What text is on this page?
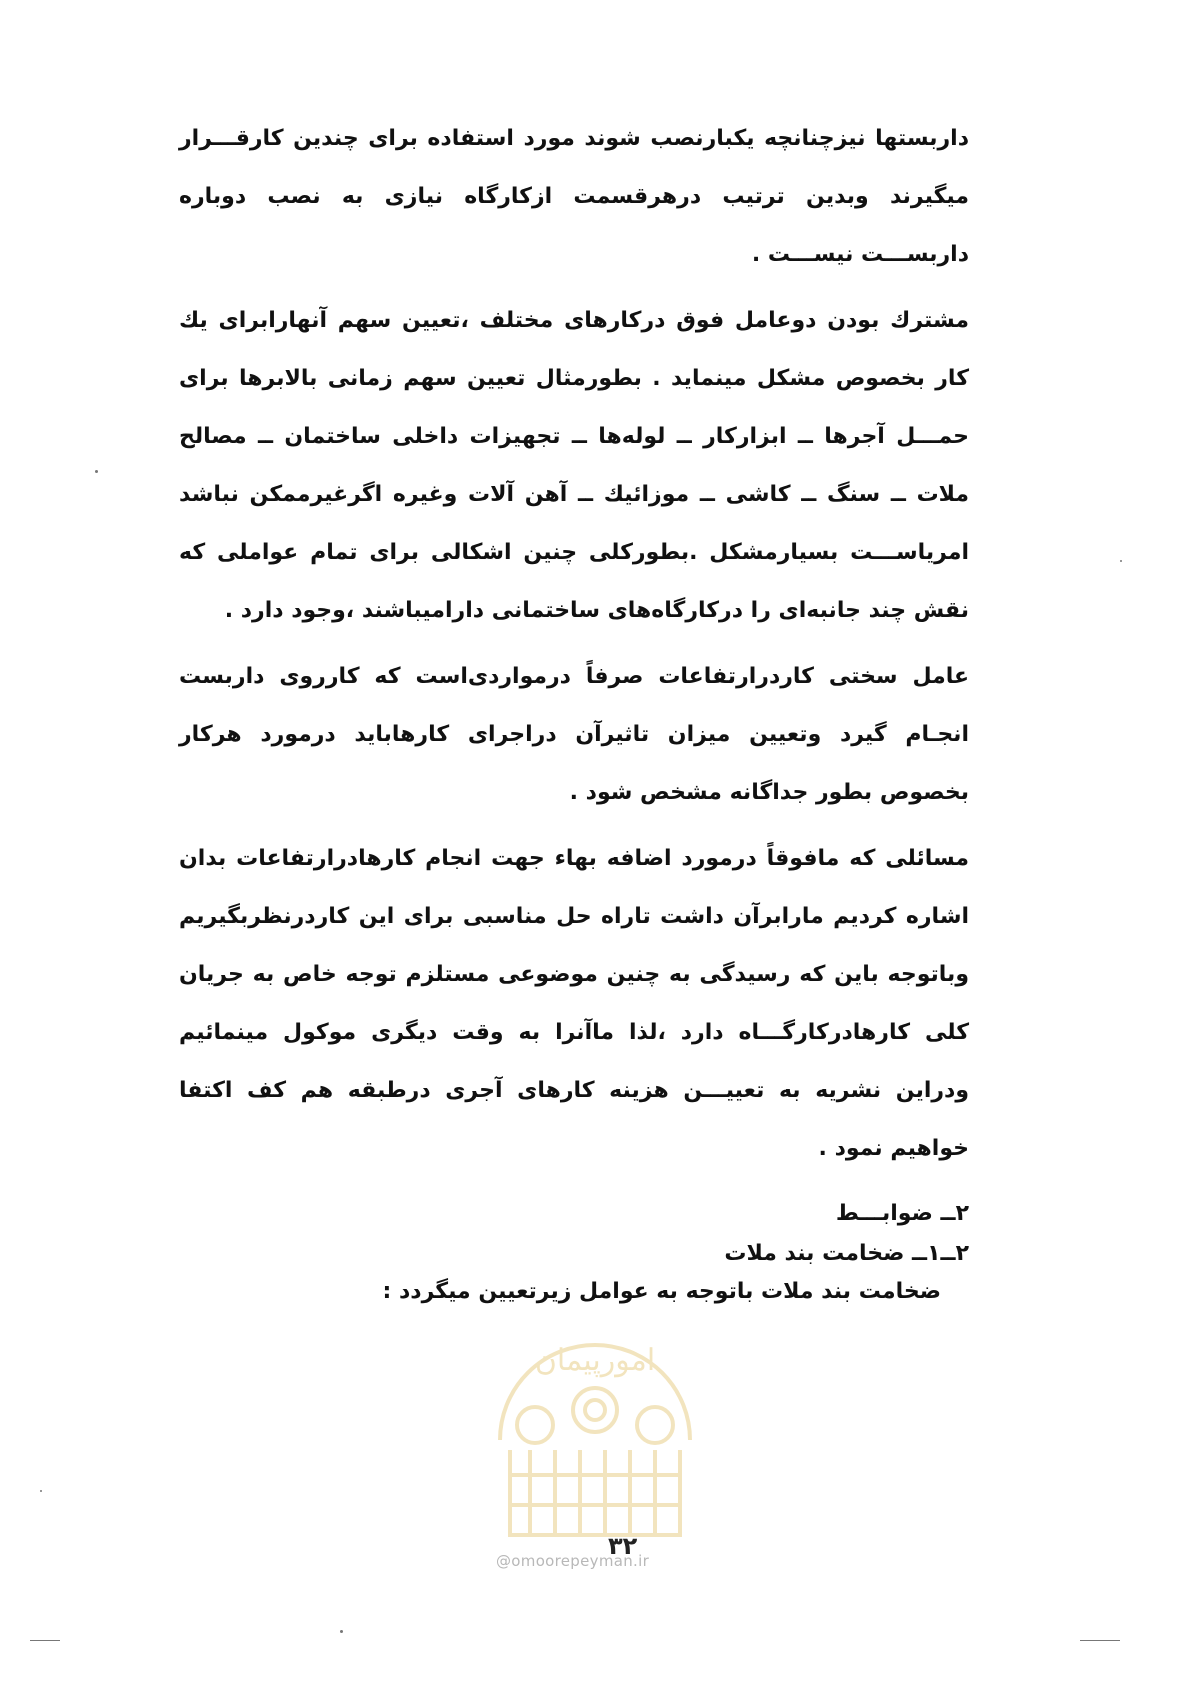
داربستها نیزچنانچه یکبارنصب شوند مورد استفاده برای چندین کارقـــرار میگیرند وبدین ترتیب درهرقسمت ازکارگاه نیازی به نصب دوباره داربســـت نیســـت .

مشترك بودن دوعامل فوق درکارهای مختلف ،تعیین سهم آنهارابرای یك کار بخصوص مشکل مینماید . بطورمثال تعیین سهم زمانی بالابرها برای حمـــل آجرها ــ ابزارکار ــ لوله‌ها ــ تجهیزات داخلی ساختمان ــ مصالح ملات ــ سنگ ــ کاشی ــ موزائیك ــ آهن آلات وغیره اگرغیرممکن نباشد امریاســـت بسیارمشکل .بطورکلی چنین اشکالی برای تمام عواملی که نقش چند جانبه‌ای را درکارگاه‌های ساختمانی دارامیباشند ،وجود دارد .

عامل سختی کاردرارتفاعات صرفاً درمواردی‌است که کارروی داربست انجـام گیرد وتعیین میزان تاثیرآن دراجرای کارهاباید درمورد هرکار بخصوص بطور جداگانه مشخص شود .

مسائلی که مافوقاً درمورد اضافه بهاء جهت انجام کارهادرارتفاعات بدان اشاره کردیم مارابرآن داشت تاراه حل مناسبی برای این کاردرنظربگیریم وباتوجه باین که رسیدگی به چنین موضوعی مستلزم توجه خاص به جریان کلی کارهادرکارگـــاه دارد ،لذا ماآنرا به وقت دیگری موکول مینمائیم ودراین نشریه به تعییـــن هزینه کارهای آجری درطبقه هم کف اکتفا خواهیم نمود .

۲ــ ضوابـــط
۲ــ۱ــ ضخامت بند ملات
ضخامت بند ملات باتوجه به عوامل زیرتعیین میگردد :
امورپیمان
@omoorepeyman.ir
۳۲
